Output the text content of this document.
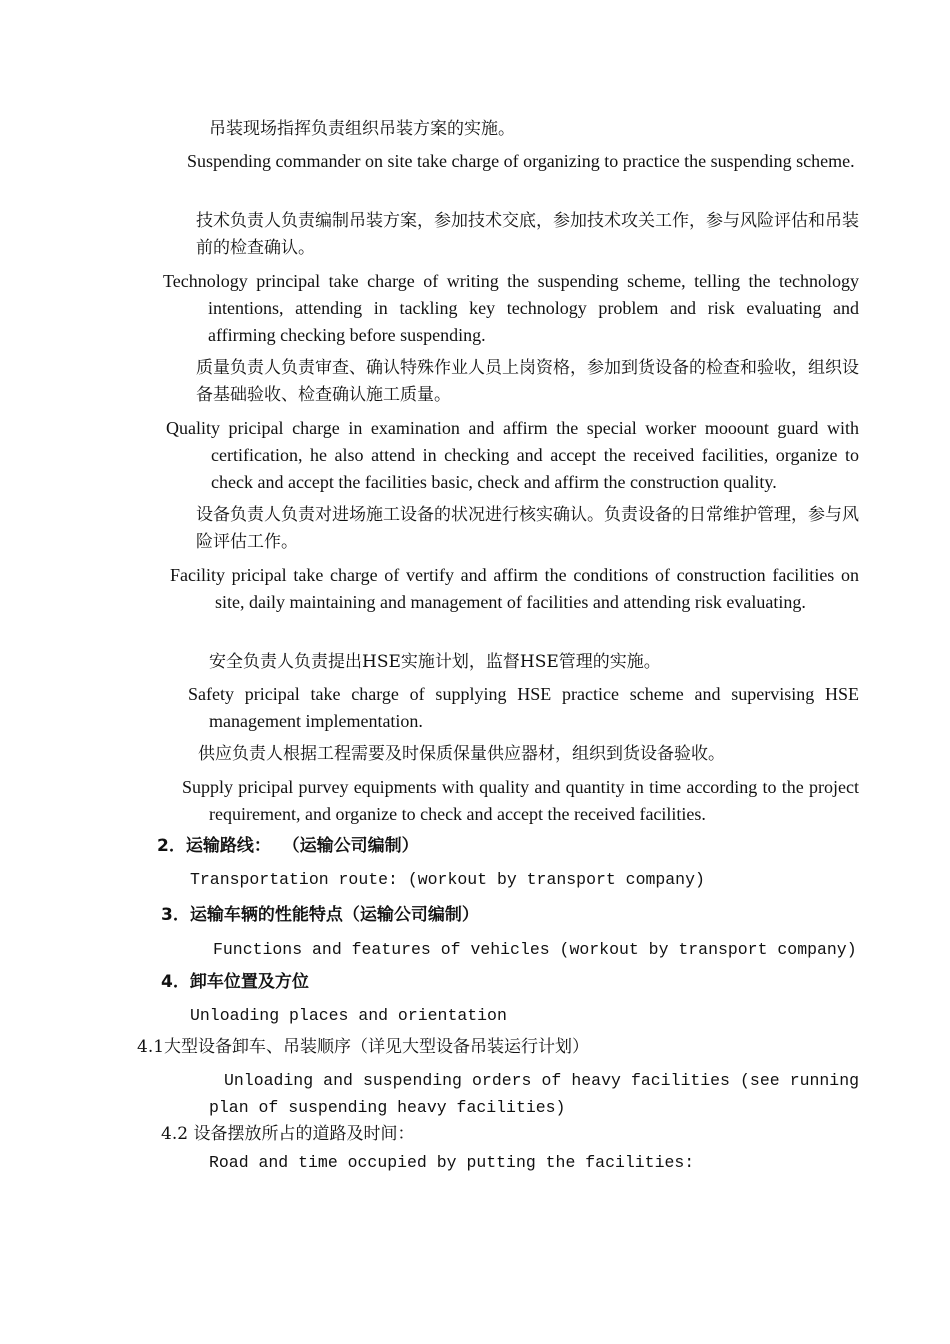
吊装现场指挥负责组织吊装方案的实施。

Suspending commander on site take charge of organizing to practice the suspending scheme.

技术负责人负责编制吊装方案，参加技术交底，参加技术攻关工作，参与风险评估和吊装前的检查确认。

Technology principal take charge of writing the suspending scheme, telling the technology intentions, attending in tackling key technology problem and risk evaluating and affirming checking before suspending.

质量负责人负责审查、确认特殊作业人员上岗资格，参加到货设备的检查和验收，组织设备基础验收、检查确认施工质量。

Quality pricipal charge in examination and affirm the special worker mooount guard with certification, he also attend in checking and accept the received facilities, organize to check and accept the facilities basic, check and affirm the construction quality.

设备负责人负责对进场施工设备的状况进行核实确认。负责设备的日常维护管理，参与风险评估工作。

Facility pricipal take charge of vertify and affirm the conditions of construction facilities on site, daily maintaining and management of facilities and attending risk evaluating.

安全负责人负责提出HSE实施计划，监督HSE管理的实施。

Safety pricipal take charge of supplying HSE practice scheme and supervising HSE management implementation.

供应负责人根据工程需要及时保质保量供应器材，组织到货设备验收。

Supply pricipal purvey equipments with quality and quantity in time according to the project requirement, and organize to check and accept the received facilities.

2．运输路线：  （运输公司编制）

Transportation route: (workout by transport company)

3．运输车辆的性能特点（运输公司编制）

Functions and features of vehicles (workout by transport company)

4．卸车位置及方位

Unloading places and orientation

4.1大型设备卸车、吊装顺序（详见大型设备吊装运行计划）

Unloading and suspending orders of heavy facilities (see running plan of suspending heavy facilities)

4.2 设备摆放所占的道路及时间：

Road and time occupied by putting the facilities:
